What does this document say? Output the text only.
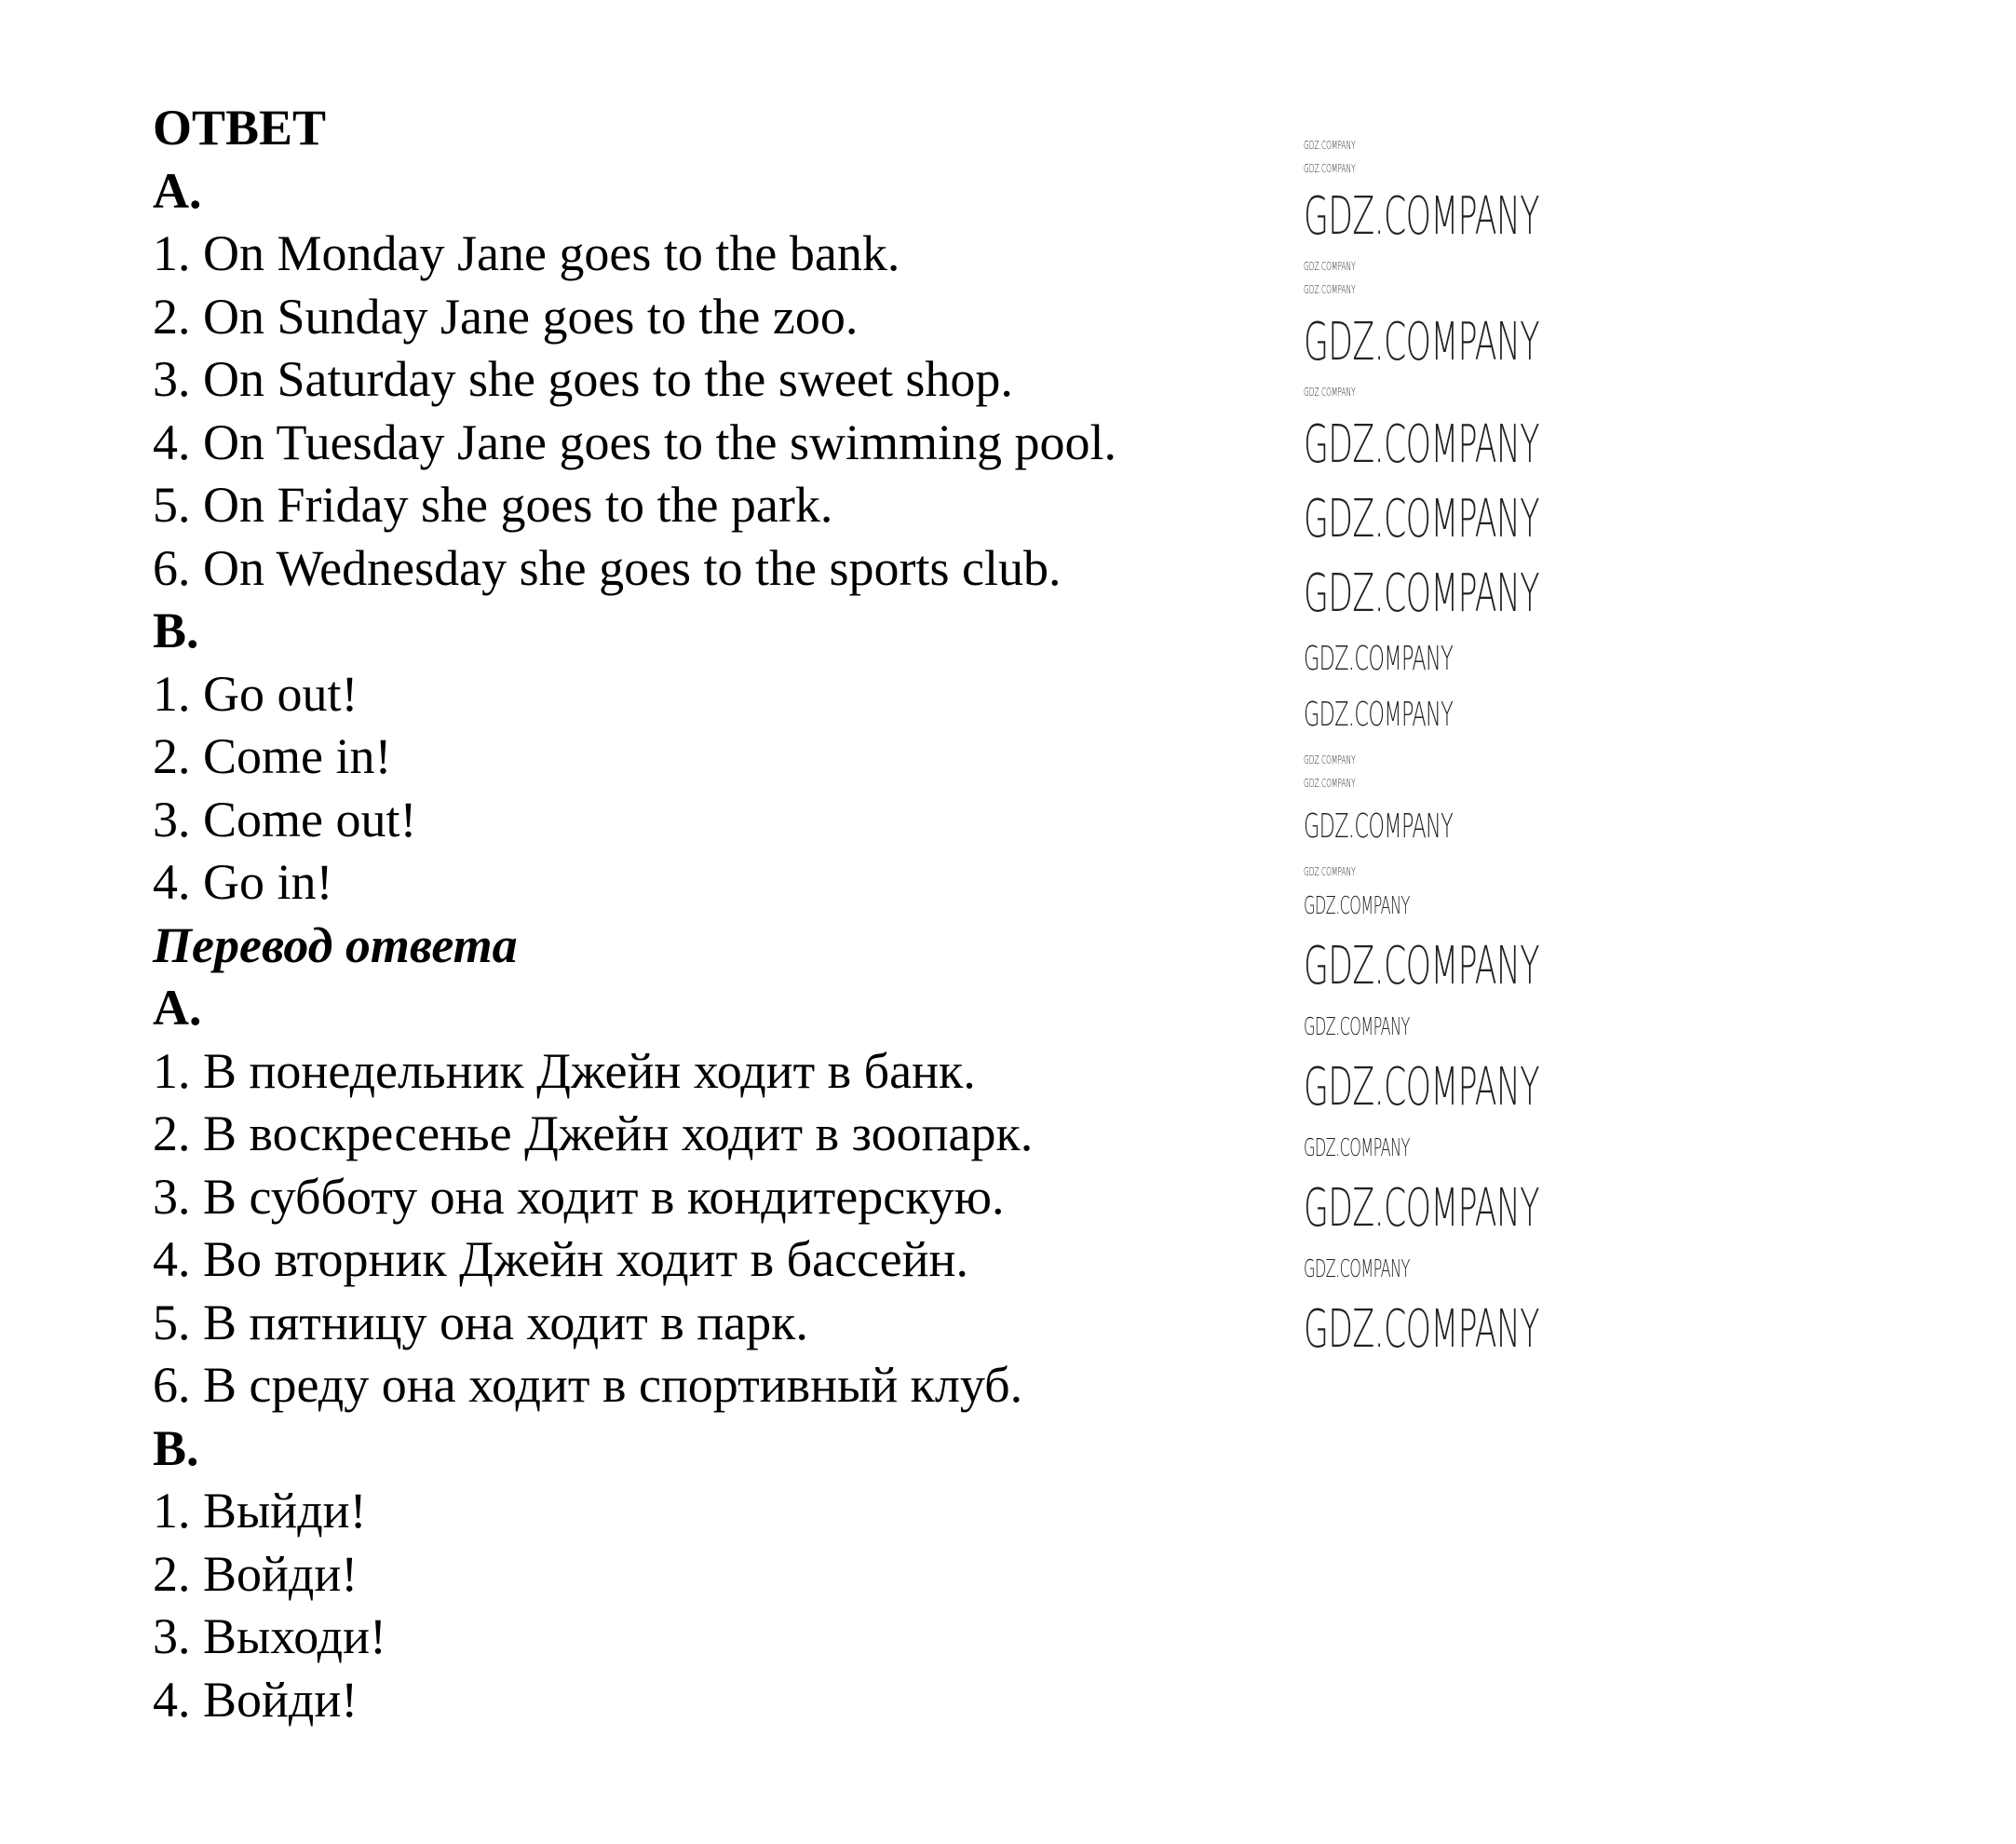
ОТВЕТ
A.
1. On Monday Jane goes to the bank.
2. On Sunday Jane goes to the zoo.
3. On Saturday she goes to the sweet shop.
4. On Tuesday Jane goes to the swimming pool.
5. On Friday she goes to the park.
6. On Wednesday she goes to the sports club.
B.
1. Go out!
2. Come in!
3. Come out!
4. Go in!
Перевод ответа
A.
1. В понедельник Джейн ходит в банк.
2. В воскресенье Джейн ходит в зоопарк.
3. В субботу она ходит в кондитерскую.
4. Во вторник Джейн ходит в бассейн.
5. В пятницу она ходит в парк.
6. В среду она ходит в спортивный клуб.
B.
1. Выйди!
2. Войди!
3. Выходи!
4. Войди!
GDZ.COMPANY
GDZ.COMPANY
GDZ.COMPANY
GDZ.COMPANY
GDZ.COMPANY
GDZ.COMPANY
GDZ.COMPANY
GDZ.COMPANY
GDZ.COMPANY
GDZ.COMPANY
GDZ.COMPANY
GDZ.COMPANY
GDZ.COMPANY
GDZ.COMPANY
GDZ.COMPANY
GDZ.COMPANY
GDZ.COMPANY
GDZ.COMPANY
GDZ.COMPANY
GDZ.COMPANY
GDZ.COMPANY
GDZ.COMPANY
GDZ.COMPANY
GDZ.COMPANY
